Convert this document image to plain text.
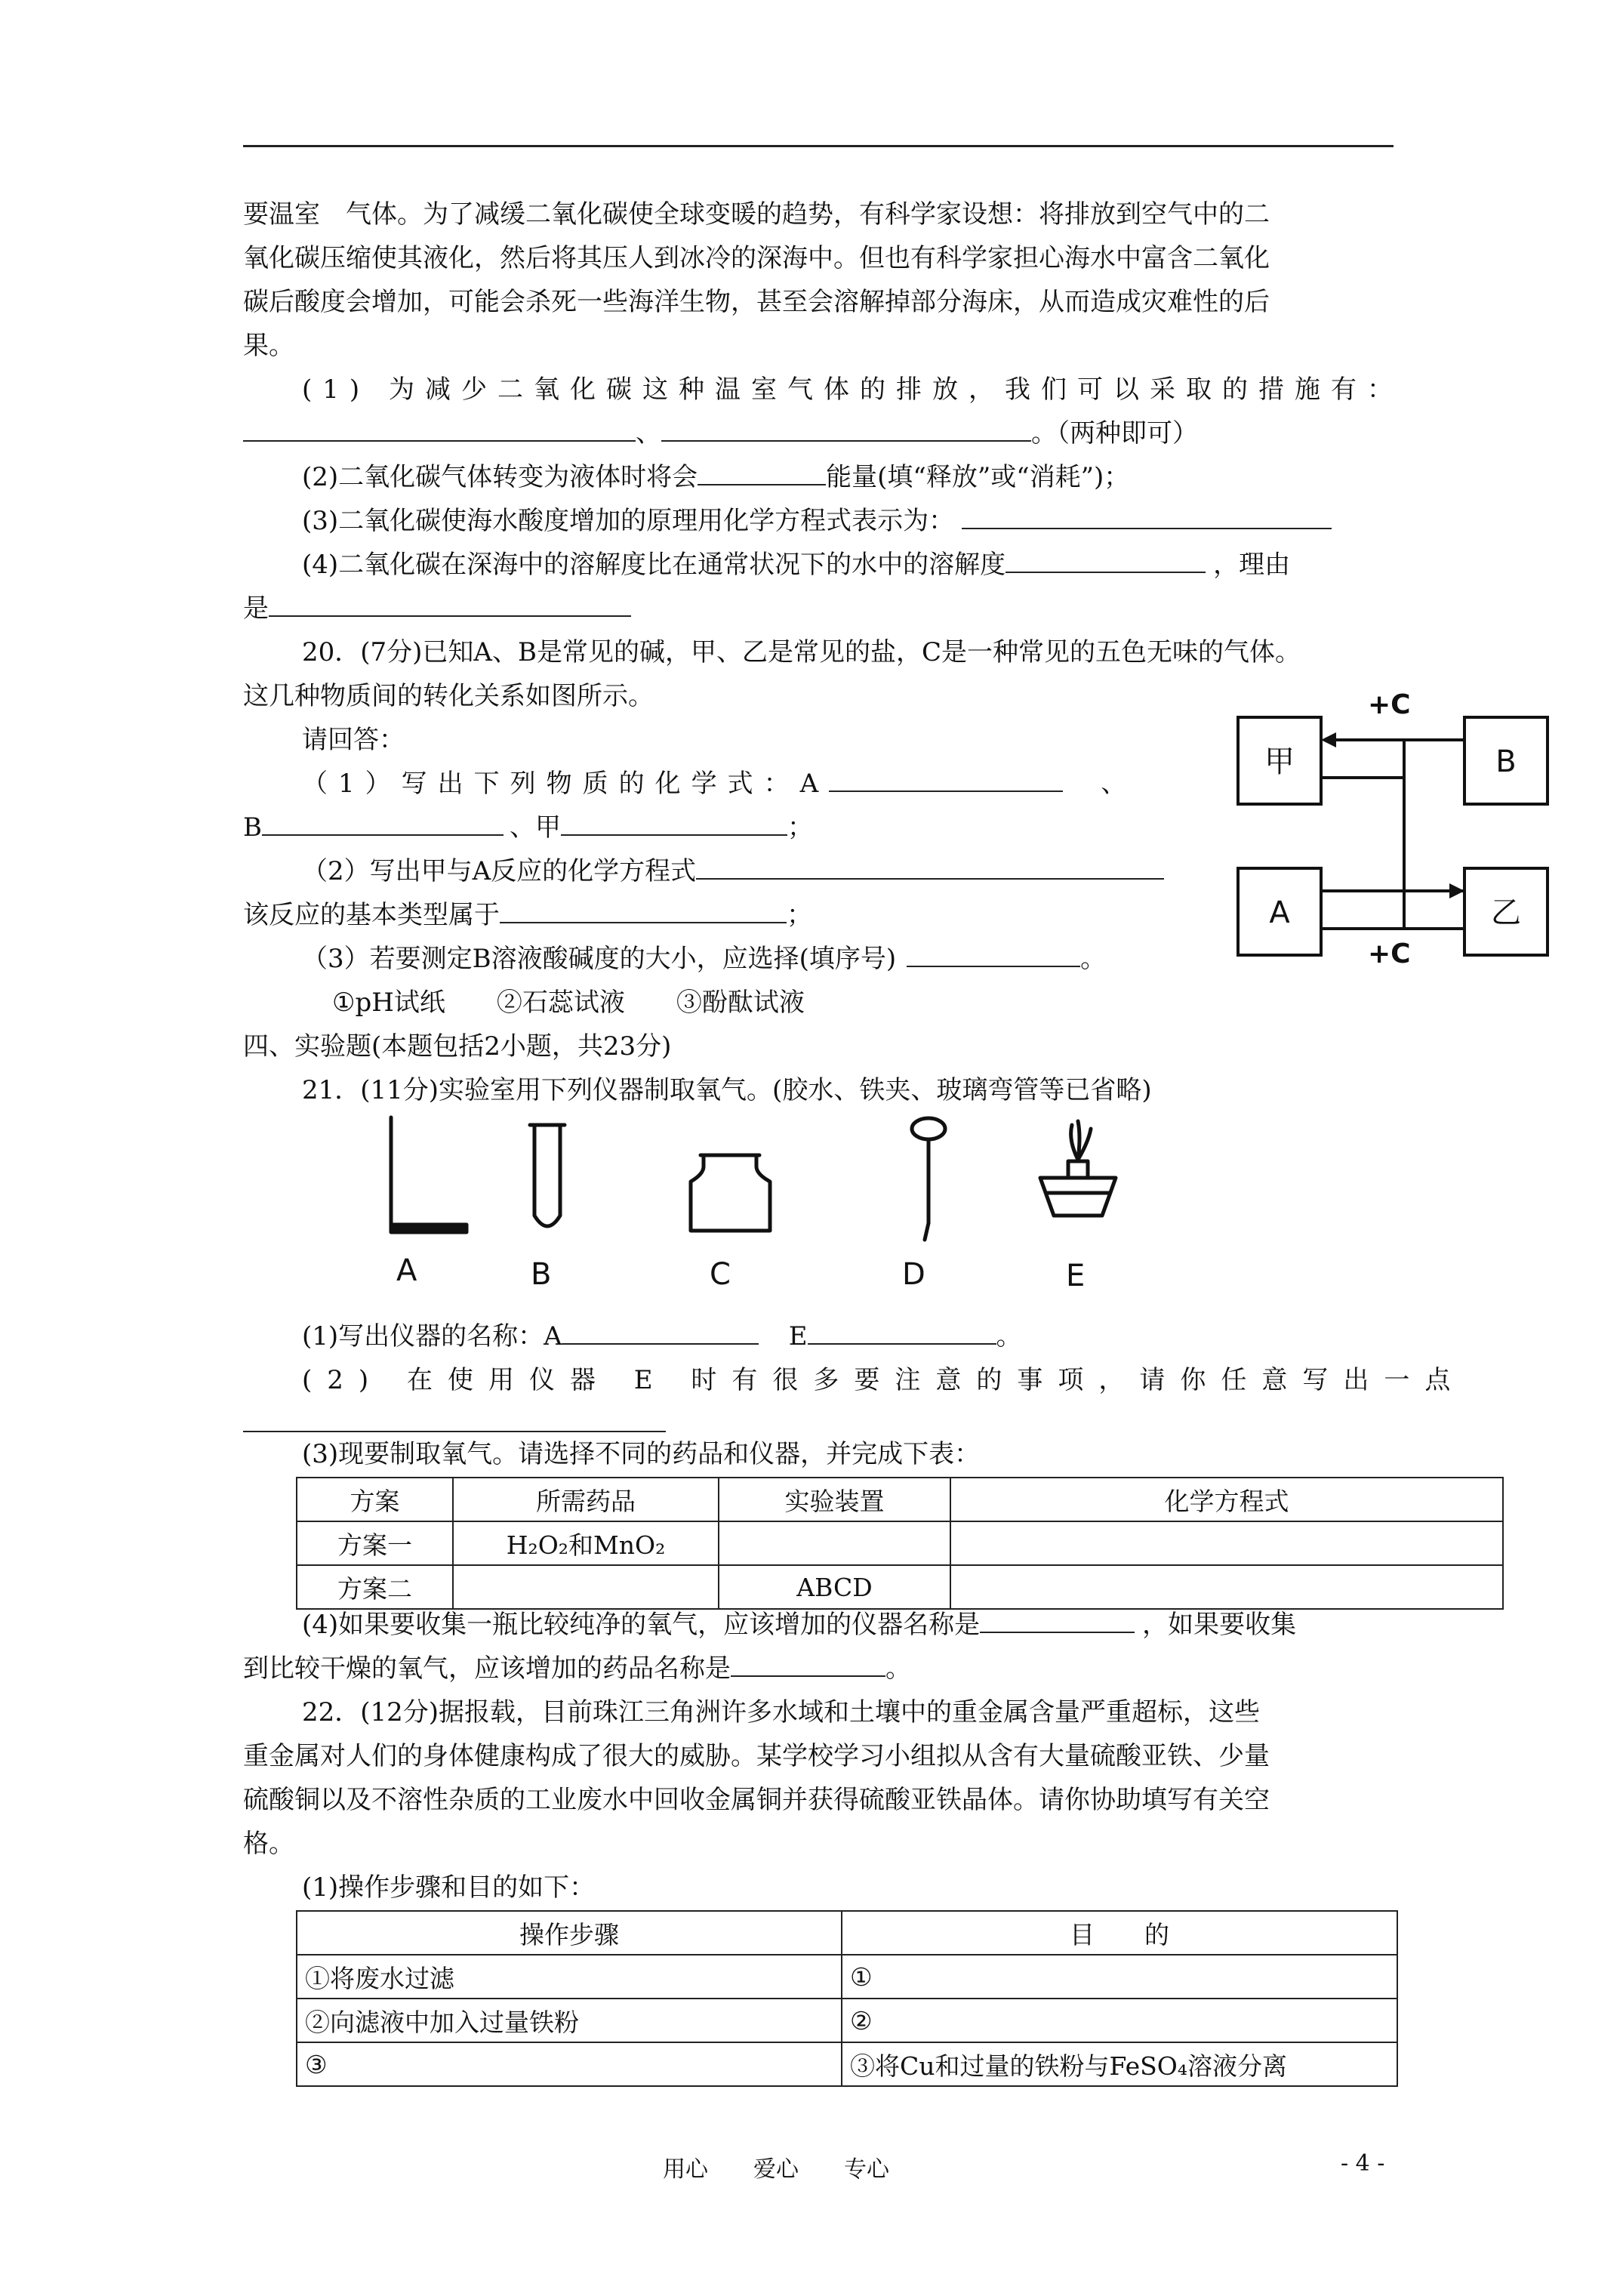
要温室　气体。为了减缓二氧化碳使全球变暖的趋势，有科学家设想：将排放到空气中的二
氧化碳压缩使其液化，然后将其压人到冰冷的深海中。但也有科学家担心海水中富含二氧化
碳后酸度会增加，可能会杀死一些海洋生物，甚至会溶解掉部分海床，从而造成灾难性的后
果。
(1) 为减少二氧化碳这种温室气体的排放，我们可以采取的措施有：
、	。（两种即可）
(2)二氧化碳气体转变为液体时将会	能量(填“释放”或“消耗”)；
(3)二氧化碳使海水酸度增加的原理用化学方程式表示为：
(4)二氧化碳在深海中的溶解度比在通常状况下的水中的溶解度	，理由
是
20．(7分)已知A、B是常见的碱，甲、乙是常见的盐，C是一种常见的五色无味的气体。
这几种物质间的转化关系如图所示。
请回答：
（1）写出下列物质的化学式：A	、
B	、甲	；
（2）写出甲与A反应的化学方程式
该反应的基本类型属于	；
（3）若要测定B溶液酸碱度的大小，应选择(填序号)	。
①pH试纸　　②石蕊试液　　③酚酞试液
甲	B
A	乙
+C
+C
四、实验题(本题包括2小题，共23分)
21．(11分)实验室用下列仪器制取氧气。(胶水、铁夹、玻璃弯管等已省略)
A	B	C	D	E
(1)写出仪器的名称：A	E	。
(2) 在使用仪器 E 时有很多要注意的事项，请你任意写出一点
(3)现要制取氧气。请选择不同的药品和仪器，并完成下表：
方案	所需药品	实验装置	化学方程式
方案一	H₂O₂和MnO₂		
方案二		ABCD	
(4)如果要收集一瓶比较纯净的氧气，应该增加的仪器名称是	，如果要收集
到比较干燥的氧气，应该增加的药品名称是	。
22．(12分)据报载，目前珠江三角洲许多水域和土壤中的重金属含量严重超标，这些
重金属对人们的身体健康构成了很大的威胁。某学校学习小组拟从含有大量硫酸亚铁、少量
硫酸铜以及不溶性杂质的工业废水中回收金属铜并获得硫酸亚铁晶体。请你协助填写有关空
格。
(1)操作步骤和目的如下：
操作步骤	目　　的
①将废水过滤	①
②向滤液中加入过量铁粉	②
③	③将Cu和过量的铁粉与FeSO₄溶液分离
用心　　爱心　　专心	- 4 -
